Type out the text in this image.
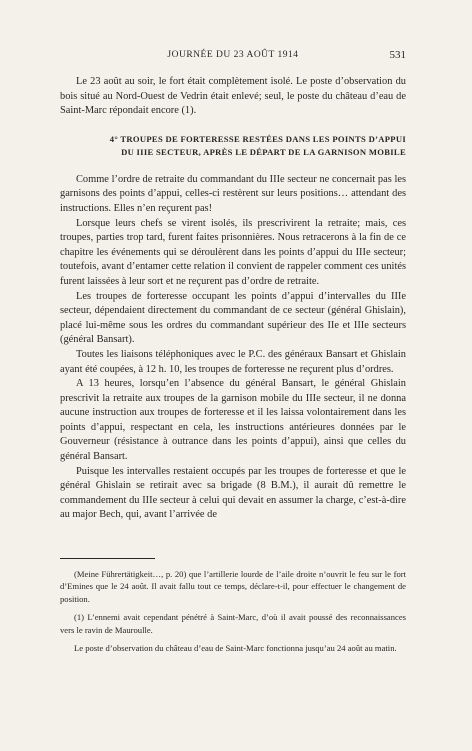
JOURNÉE DU 23 AOÛT 1914	531

Le 23 août au soir, le fort était complètement isolé. Le poste d’observation du bois situé au Nord-Ouest de Vedrin était enlevé; seul, le poste du château d’eau de Saint-Marc répondait encore (1).

4° TROUPES DE FORTERESSE RESTÉES DANS LES POINTS D’APPUI
DU IIIE SECTEUR, APRÈS LE DÉPART DE LA GARNISON MOBILE

Comme l’ordre de retraite du commandant du IIIe secteur ne concernait pas les garnisons des points d’appui, celles-ci restèrent sur leurs positions… attendant des instructions. Elles n’en reçurent pas!

Lorsque leurs chefs se virent isolés, ils prescrivirent la retraite; mais, ces troupes, parties trop tard, furent faites prisonnières. Nous retracerons à la fin de ce chapitre les événements qui se déroulèrent dans les points d’appui du IIIe secteur; toutefois, avant d’entamer cette relation il convient de rappeler comment ces unités furent laissées à leur sort et ne reçurent pas d’ordre de retraite.

Les troupes de forteresse occupant les points d’appui d’intervalles du IIIe secteur, dépendaient directement du commandant de ce secteur (général Ghislain), placé lui-même sous les ordres du commandant supérieur des IIe et IIIe secteurs (général Bansart).

Toutes les liaisons téléphoniques avec le P.C. des généraux Bansart et Ghislain ayant été coupées, à 12 h. 10, les troupes de forteresse ne reçurent plus d’ordres.

A 13 heures, lorsqu’en l’absence du général Bansart, le général Ghislain prescrivit la retraite aux troupes de la garnison mobile du IIIe secteur, il ne donna aucune instruction aux troupes de forteresse et il les laissa volontairement dans les points d’appui, respectant en cela, les instructions antérieures données par le Gouverneur (résistance à outrance dans les points d’appui), ainsi que celles du général Bansart.

Puisque les intervalles restaient occupés par les troupes de forteresse et que le général Ghislain se retirait avec sa brigade (8 B.M.), il aurait dû remettre le commandement du IIIe secteur à celui qui devait en assumer la charge, c’est-à-dire au major Bech, qui, avant l’arrivée de

(Meine Führertätigkeit…, p. 20) que l’artillerie lourde de l’aile droite n’ouvrit le feu sur le fort d’Emines que le 24 août. Il avait fallu tout ce temps, déclare-t-il, pour effectuer le changement de position.

(1) L’ennemi avait cependant pénétré à Saint-Marc, d’où il avait poussé des reconnaissances vers le ravin de Mauroulle.

Le poste d’observation du château d’eau de Saint-Marc fonctionna jusqu’au 24 août au matin.
